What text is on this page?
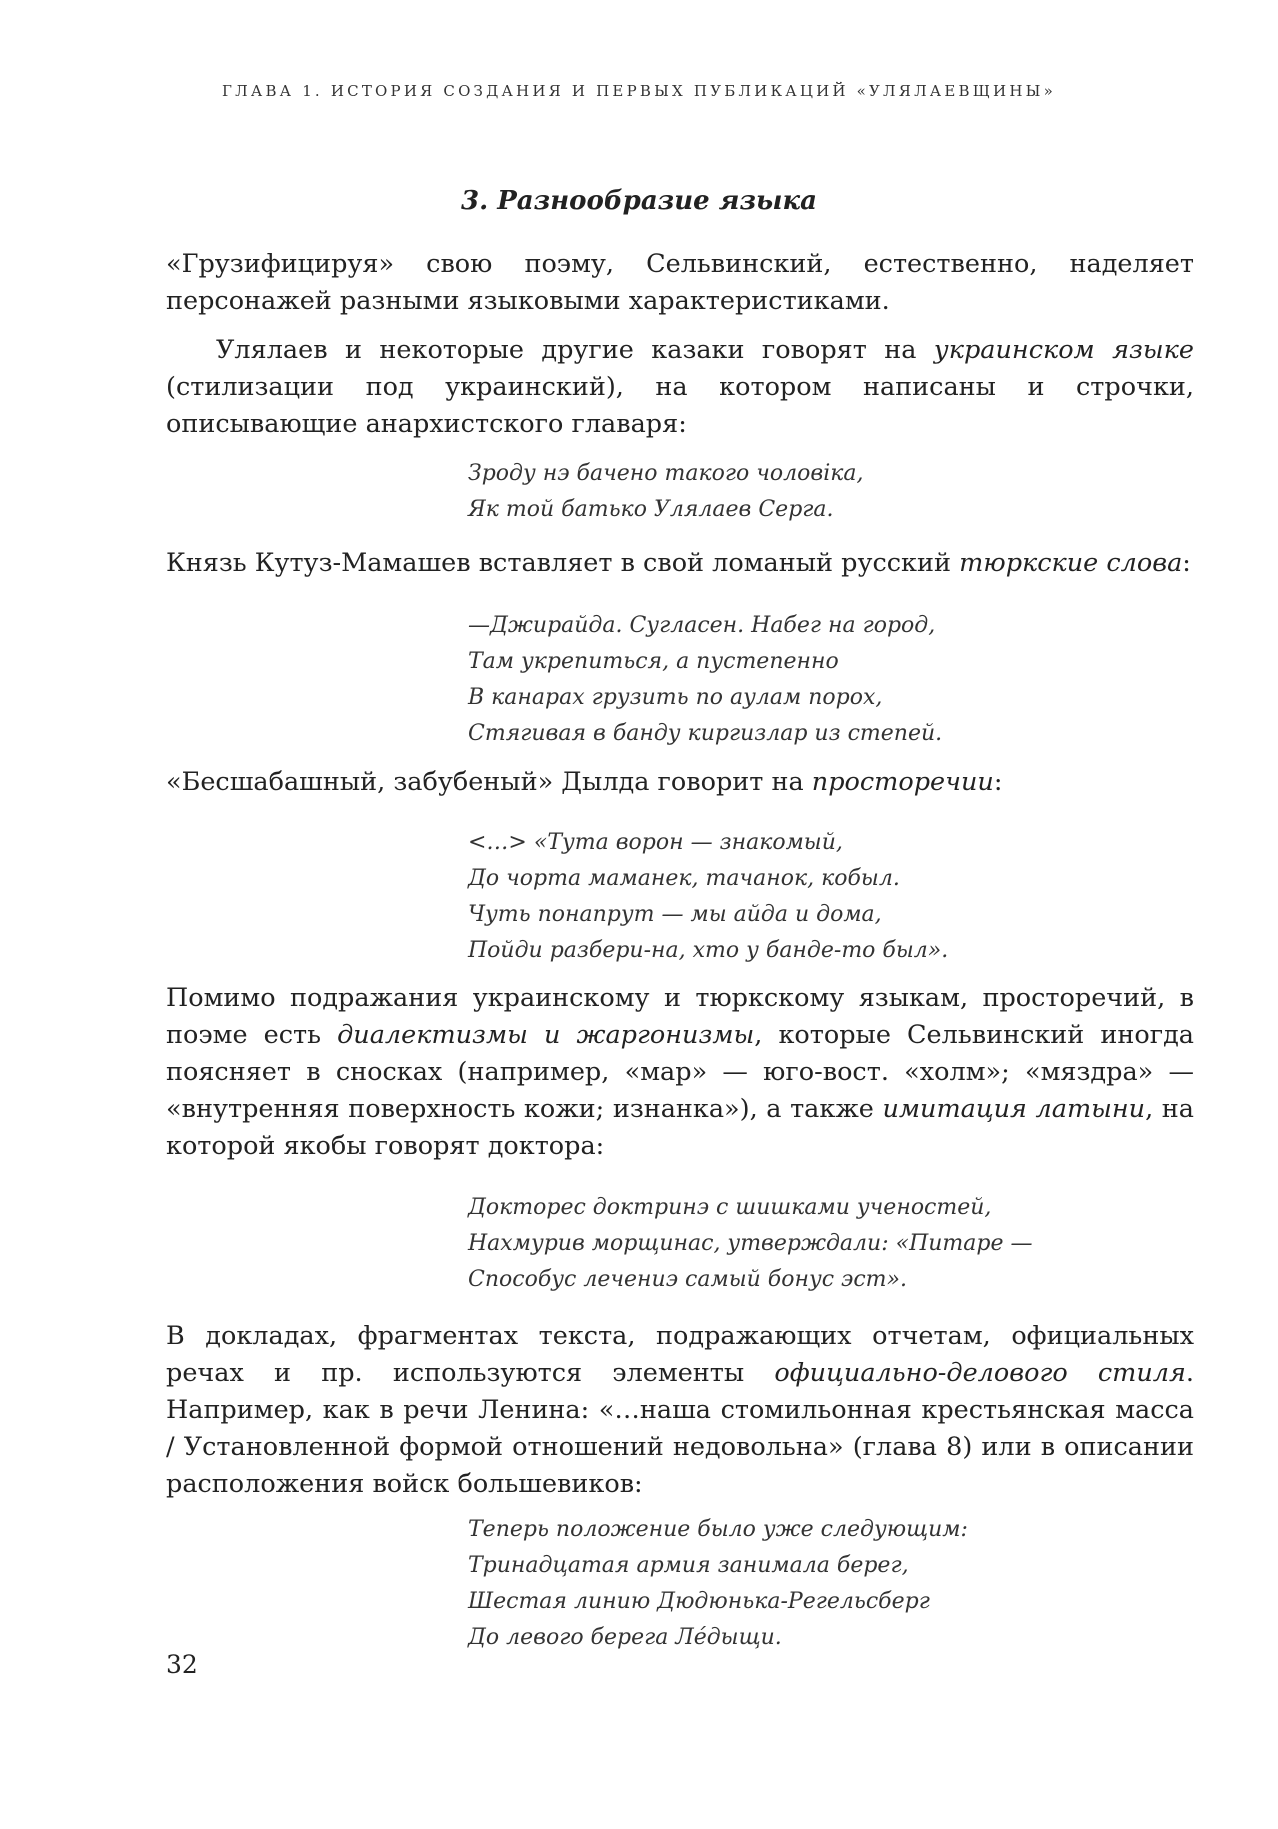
ГЛАВА 1. ИСТОРИЯ СОЗДАНИЯ И ПЕРВЫХ ПУБЛИКАЦИЙ «УЛЯЛАЕВЩИНЫ»
3. Разнообразие языка

«Грузифицируя» свою поэму, Сельвинский, естественно, наделяет персонажей разными языковыми характеристиками.

Улялаев и некоторые другие казаки говорят на украинском языке (стилизации под украинский), на котором написаны и строчки, описывающие анархистского главаря:

Зроду нэ бачено такого чоловіка,
Як той батько Улялаев Серга.

Князь Кутуз-Мамашев вставляет в свой ломаный русский тюркские слова:

—Джирайда. Сугласен. Набег на город,
Там укрепиться, а пустепенно
В канарах грузить по аулам порох,
Стягивая в банду киргизлар из степей.

«Бесшабашный, забубеный» Дылда говорит на просторечии:

<…> «Тута ворон — знакомый,
До чорта маманек, тачанок, кобыл.
Чуть понапрут — мы айда и дома,
Пойди разбери-на, хто у банде-то был».

Помимо подражания украинскому и тюркскому языкам, просторечий, в поэме есть диалектизмы и жаргонизмы, которые Сельвинский иногда поясняет в сносках (например, «мар» — юго-вост. «холм»; «мяздра» — «внутренняя поверхность кожи; изнанка»), а также имитация латыни, на которой якобы говорят доктора:

Докторес доктринэ с шишками ученостей,
Нахмурив морщинас, утверждали: «Питаре —
Способус лечениэ самый бонус эст».

В докладах, фрагментах текста, подражающих отчетам, официальных речах и пр. используются элементы официально-делового стиля. Например, как в речи Ленина: «…наша стомильонная крестьянская масса / Установленной формой отношений недовольна» (глава 8) или в описании расположения войск большевиков:

Теперь положение было уже следующим:
Тринадцатая армия занимала берег,
Шестая линию Дюдюнька-Регельсберг
До левого берега Лéдыщи.
32
